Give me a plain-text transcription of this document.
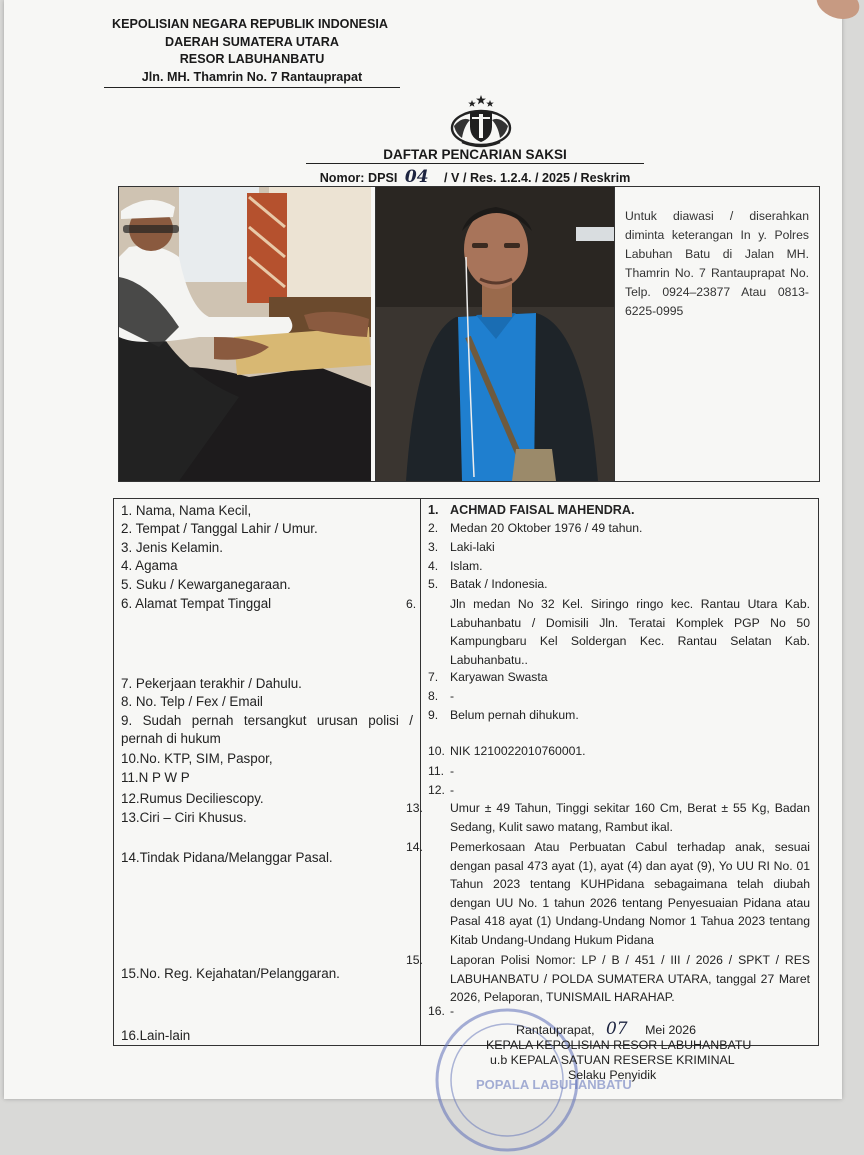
KEPOLISIAN NEGARA REPUBLIK INDONESIA
DAERAH SUMATERA UTARA
RESOR LABUHANBATU
Jln. MH. Thamrin No. 7 Rantauprapat
DAFTAR PENCARIAN SAKSI
Nomor: DPSI 04 / V / Res. 1.2.4. / 2025 / Reskrim
Untuk diawasi / diserahkan diminta keterangan In y. Polres Labuhan Batu di Jalan MH. Thamrin No. 7 Rantauprapat No. Telp. 0924–23877 Atau 0813-6225-0995
1. Nama, Nama Kecil,
2. Tempat / Tanggal Lahir / Umur.
3. Jenis Kelamin.
4. Agama
5. Suku / Kewarganegaraan.
6. Alamat Tempat Tinggal
7. Pekerjaan terakhir / Dahulu.
8. No. Telp / Fex / Email
9. Sudah pernah tersangkut urusan polisi / pernah di hukum
10.No. KTP, SIM, Paspor,
11.N P W P
12.Rumus Deciliescopy.
13.Ciri – Ciri Khusus.
14.Tindak Pidana/Melanggar Pasal.
15.No. Reg. Kejahatan/Pelanggaran.
16.Lain-lain
1. ACHMAD FAISAL MAHENDRA.
2. Medan 20 Oktober 1976 / 49 tahun.
3. Laki-laki
4. Islam.
5. Batak / Indonesia.
6.	Jln medan No 32 Kel. Siringo ringo kec. Rantau Utara Kab. Labuhanbatu / Domisili Jln. Teratai Komplek PGP No 50 Kampungbaru Kel Soldergan Kec. Rantau Selatan Kab. Labuhanbatu..
7. Karyawan Swasta
8. -
9. Belum pernah dihukum.
10. NIK 1210022010760001.
11. -
12. -
13. Umur ± 49 Tahun, Tinggi sekitar 160 Cm, Berat ± 55 Kg, Badan Sedang, Kulit sawo matang, Rambut ikal.
14. Pemerkosaan Atau Perbuatan Cabul terhadap anak, sesuai dengan pasal 473 ayat (1), ayat (4) dan ayat (9), Yo UU RI No. 01 Tahun 2023 tentang KUHPidana sebagaimana telah diubah dengan UU No. 1 tahun 2026 tentang Penyesuaian Pidana atau Pasal 418 ayat (1) Undang-Undang Nomor 1 Tahua 2023 tentang Kitab Undang-Undang Hukum Pidana
15. Laporan Polisi Nomor: LP / B / 451 / III / 2026 / SPKT / RES LABUHANBATU / POLDA SUMATERA UTARA, tanggal 27 Maret 2026, Pelaporan, TUNISMAIL HARAHAP.
16. -
POPALA LABUHANBATU
Rantauprapat, 07 Mei 2026
KEPALA KEPOLISIAN RESOR LABUHANBATU
u.b KEPALA SATUAN RESERSE KRIMINAL
Selaku Penyidik
